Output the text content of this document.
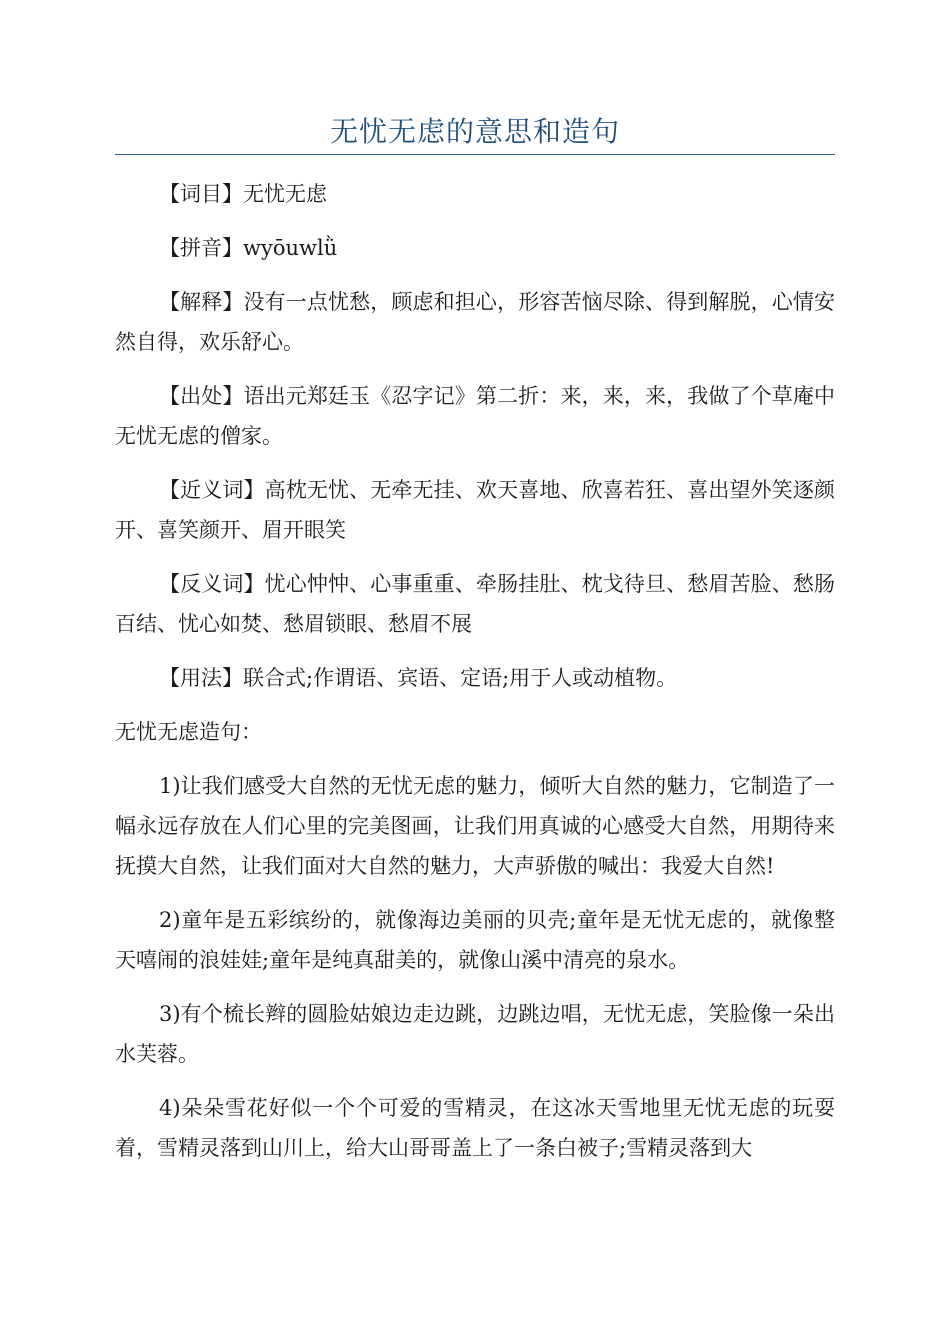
无忧无虑的意思和造句

【词目】无忧无虑

【拼音】wyōuwlǜ

【解释】没有一点忧愁，顾虑和担心，形容苦恼尽除、得到解脱，心情安然自得，欢乐舒心。

【出处】语出元郑廷玉《忍字记》第二折：来，来，来，我做了个草庵中无忧无虑的僧家。

【近义词】高枕无忧、无牵无挂、欢天喜地、欣喜若狂、喜出望外笑逐颜开、喜笑颜开、眉开眼笑

【反义词】忧心忡忡、心事重重、牵肠挂肚、枕戈待旦、愁眉苦脸、愁肠百结、忧心如焚、愁眉锁眼、愁眉不展

【用法】联合式;作谓语、宾语、定语;用于人或动植物。

无忧无虑造句：

1)让我们感受大自然的无忧无虑的魅力，倾听大自然的魅力，它制造了一幅永远存放在人们心里的完美图画，让我们用真诚的心感受大自然，用期待来抚摸大自然，让我们面对大自然的魅力，大声骄傲的喊出：我爱大自然!

2)童年是五彩缤纷的，就像海边美丽的贝壳;童年是无忧无虑的，就像整天嘻闹的浪娃娃;童年是纯真甜美的，就像山溪中清亮的泉水。

3)有个梳长辫的圆脸姑娘边走边跳，边跳边唱，无忧无虑，笑脸像一朵出水芙蓉。

4)朵朵雪花好似一个个可爱的雪精灵，在这冰天雪地里无忧无虑的玩耍着，雪精灵落到山川上，给大山哥哥盖上了一条白被子;雪精灵落到大
